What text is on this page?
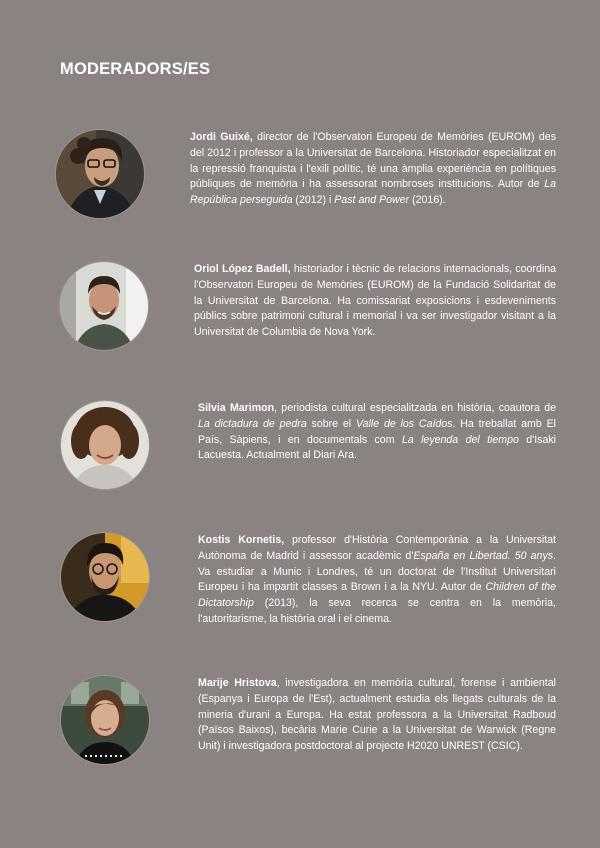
MODERADORS/ES

Jordi Guixé, director de l'Observatori Europeu de Memòries (EUROM) des del 2012 i professor a la Universitat de Barcelona. Historiador especialitzat en la repressió franquista i l'exili polític, té una àmplia experiència en polítiques públiques de memòria i ha assessorat nombroses institucions. Autor de La República perseguida (2012) i Past and Power (2016).

Oriol López Badell, historiador i tècnic de relacions internacionals, coordina l'Observatori Europeu de Memòries (EUROM) de la Fundació Solidaritat de la Universitat de Barcelona. Ha comissariat exposicions i esdeveniments públics sobre patrimoni cultural i memorial i va ser investigador visitant a la Universitat de Columbia de Nova York.

Silvia Marimon, periodista cultural especialitzada en història, coautora de La dictadura de pedra sobre el Valle de los Caídos. Ha treballat amb El País, Sàpiens, i en documentals com La leyenda del tiempo d'Isaki Lacuesta. Actualment al Diari Ara.

Kostis Kornetis, professor d'Història Contemporània a la Universitat Autònoma de Madrid i assessor acadèmic d'España en Libertad. 50 anys. Va estudiar a Munic i Londres, té un doctorat de l'Institut Universitari Europeu i ha impartit classes a Brown i a la NYU. Autor de Children of the Dictatorship (2013), la seva recerca se centra en la memòria, l'autoritarisme, la història oral i el cinema.

Marije Hristova, investigadora en memòria cultural, forense i ambiental (Espanya i Europa de l'Est), actualment estudia els llegats culturals de la mineria d'urani a Europa. Ha estat professora a la Universitat Radboud (Països Baixos), becària Marie Curie a la Universitat de Warwick (Regne Unit) i investigadora postdoctoral al projecte H2020 UNREST (CSIC).
